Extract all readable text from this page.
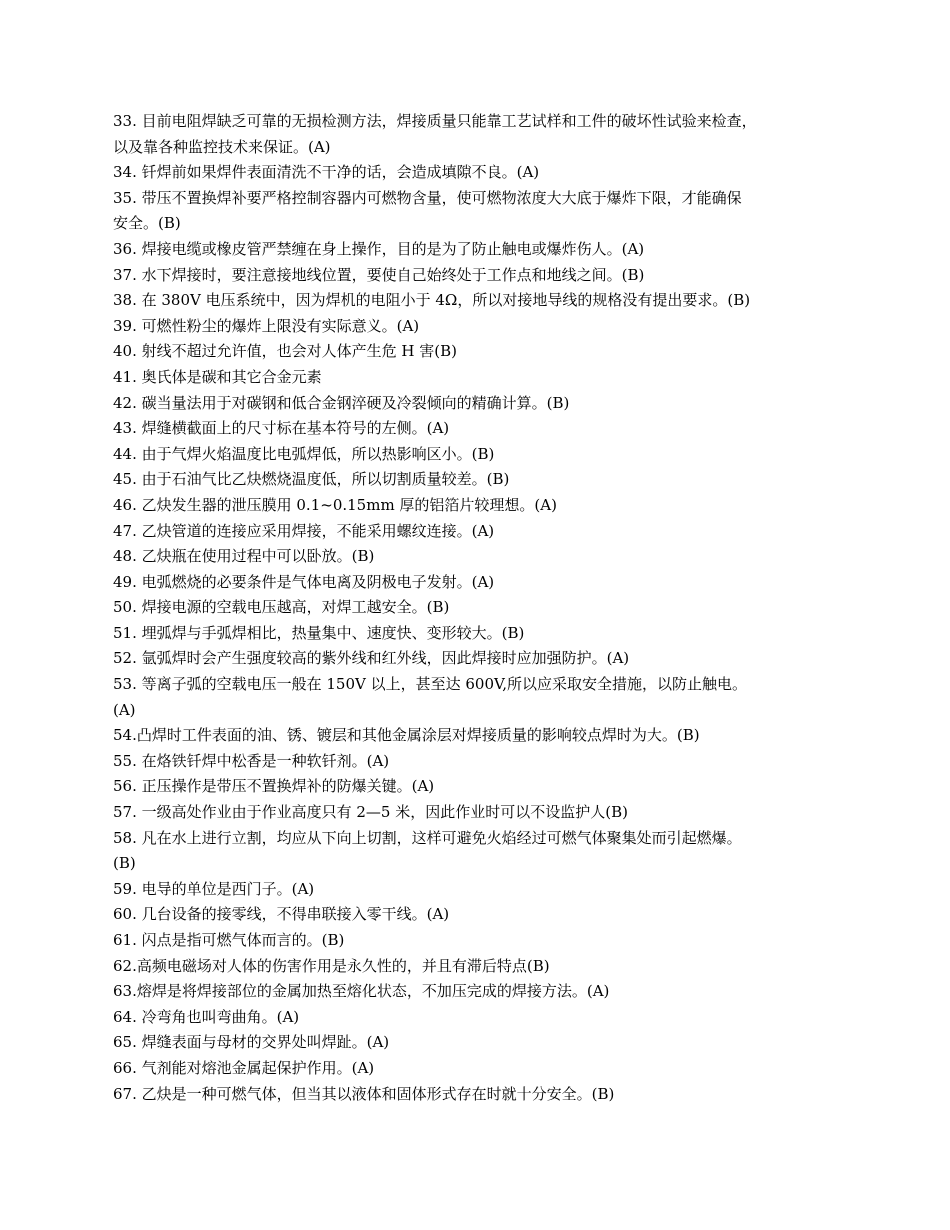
33. 目前电阻焊缺乏可靠的无损检测方法，焊接质量只能靠工艺试样和工件的破坏性试验来检查，
以及靠各种监控技术来保证。(A)
34. 钎焊前如果焊件表面清洗不干净的话，会造成填隙不良。(A)
35. 带压不置换焊补要严格控制容器内可燃物含量，使可燃物浓度大大底于爆炸下限，才能确保
安全。(B)
36. 焊接电缆或橡皮管严禁缠在身上操作，目的是为了防止触电或爆炸伤人。(A)
37. 水下焊接时，要注意接地线位置，要使自己始终处于工作点和地线之间。(B)
38. 在 380V 电压系统中，因为焊机的电阻小于 4Ω，所以对接地导线的规格没有提出要求。(B)
39. 可燃性粉尘的爆炸上限没有实际意义。(A)
40. 射线不超过允许值，也会对人体产生危 H 害(B)
41. 奥氏体是碳和其它合金元素
42. 碳当量法用于对碳钢和低合金钢淬硬及冷裂倾向的精确计算。(B)
43. 焊缝横截面上的尺寸标在基本符号的左侧。(A)
44. 由于气焊火焰温度比电弧焊低，所以热影响区小。(B)
45. 由于石油气比乙炔燃烧温度低，所以切割质量较差。(B)
46. 乙炔发生器的泄压膜用 0.1~0.15mm 厚的铝箔片较理想。(A)
47. 乙炔管道的连接应采用焊接，不能采用螺纹连接。(A)
48. 乙炔瓶在使用过程中可以卧放。(B)
49. 电弧燃烧的必要条件是气体电离及阴极电子发射。(A)
50. 焊接电源的空载电压越高，对焊工越安全。(B)
51. 埋弧焊与手弧焊相比，热量集中、速度快、变形较大。(B)
52. 氩弧焊时会产生强度较高的紫外线和红外线，因此焊接时应加强防护。(A)
53. 等离子弧的空载电压一般在 150V 以上，甚至达 600V,所以应采取安全措施，以防止触电。
(A)
54.凸焊时工件表面的油、锈、镀层和其他金属涂层对焊接质量的影响较点焊时为大。(B)
55. 在烙铁钎焊中松香是一种软钎剂。(A)
56. 正压操作是带压不置换焊补的防爆关键。(A)
57. 一级高处作业由于作业高度只有 2—5 米，因此作业时可以不设监护人(B)
58. 凡在水上进行立割，均应从下向上切割，这样可避免火焰经过可燃气体聚集处而引起燃爆。
(B)
59. 电导的单位是西门子。(A)
60. 几台设备的接零线，不得串联接入零干线。(A)
61. 闪点是指可燃气体而言的。(B)
62.高频电磁场对人体的伤害作用是永久性的，并且有滞后特点(B)
63.熔焊是将焊接部位的金属加热至熔化状态，不加压完成的焊接方法。(A)
64. 冷弯角也叫弯曲角。(A)
65. 焊缝表面与母材的交界处叫焊趾。(A)
66. 气剂能对熔池金属起保护作用。(A)
67. 乙炔是一种可燃气体，但当其以液体和固体形式存在时就十分安全。(B)
